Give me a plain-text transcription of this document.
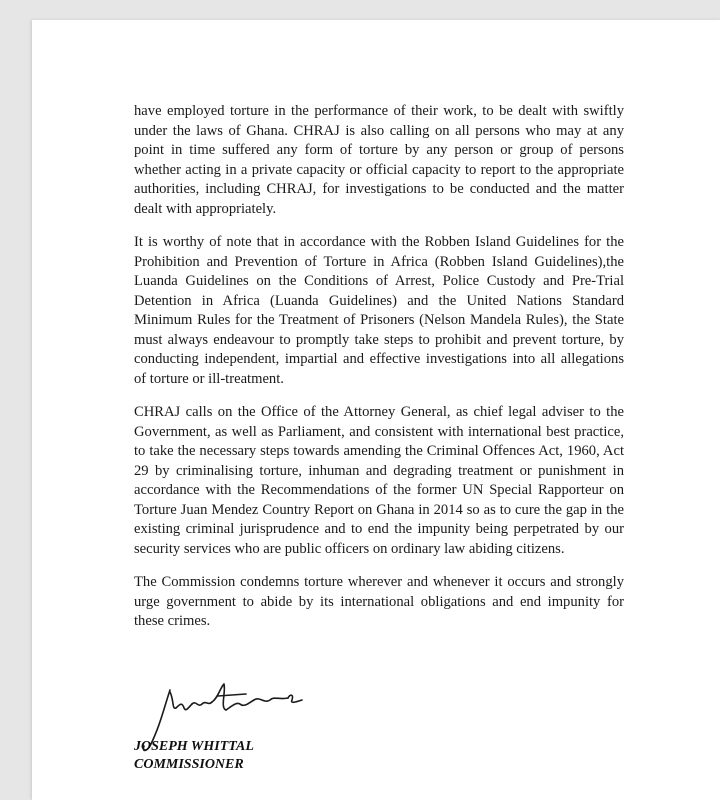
have employed torture in the performance of their work, to be dealt with swiftly under the laws of Ghana. CHRAJ is also calling on all persons who may at any point in time suffered any form of torture by any person or group of persons whether acting in a private capacity or official capacity to report to the appropriate authorities, including CHRAJ, for investigations to be conducted and the matter dealt with appropriately.

It is worthy of note that in accordance with the Robben Island Guidelines for the Prohibition and Prevention of Torture in Africa (Robben Island Guidelines),the Luanda Guidelines on the Conditions of Arrest, Police Custody and Pre-Trial Detention in Africa (Luanda Guidelines) and the United Nations Standard Minimum Rules for the Treatment of Prisoners (Nelson Mandela Rules), the State must always endeavour to promptly take steps to prohibit and prevent torture, by conducting independent, impartial and effective investigations into all allegations of torture or ill-treatment.

CHRAJ calls on the Office of the Attorney General, as chief legal adviser to the Government, as well as Parliament, and consistent with international best practice, to take the necessary steps towards amending the Criminal Offences Act, 1960, Act 29 by criminalising torture, inhuman and degrading treatment or punishment in accordance with the Recommendations of the former UN Special Rapporteur on Torture Juan Mendez Country Report on Ghana in 2014 so as to cure the gap in the existing criminal jurisprudence and to end the impunity being perpetrated by our security services who are public officers on ordinary law abiding citizens.

The Commission condemns torture wherever and whenever it occurs and strongly urge government to abide by its international obligations and end impunity for these crimes.

JOSEPH WHITTAL
COMMISSIONER
